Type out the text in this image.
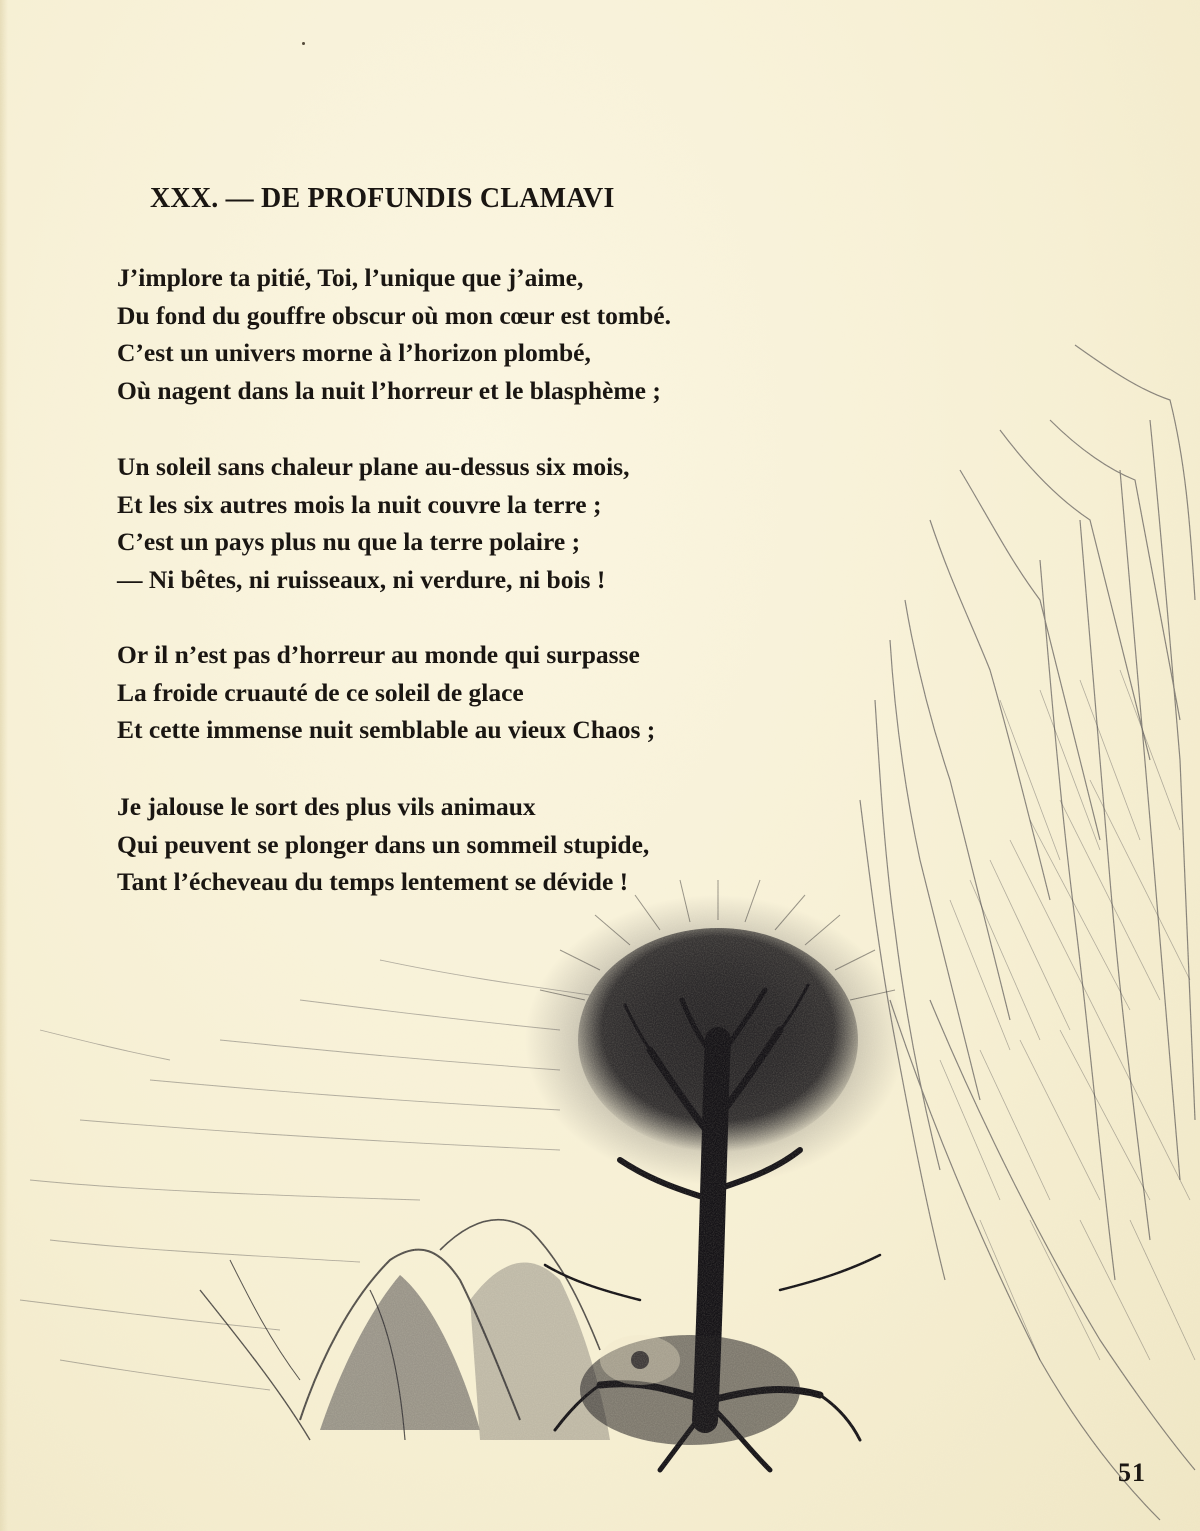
XXX. — DE PROFUNDIS CLAMAVI
J’implore ta pitié, Toi, l’unique que j’aime,
Du fond du gouffre obscur où mon cœur est tombé.
C’est un univers morne à l’horizon plombé,
Où nagent dans la nuit l’horreur et le blasphème ;
Un soleil sans chaleur plane au-dessus six mois,
Et les six autres mois la nuit couvre la terre ;
C’est un pays plus nu que la terre polaire ;
— Ni bêtes, ni ruisseaux, ni verdure, ni bois !
Or il n’est pas d’horreur au monde qui surpasse
La froide cruauté de ce soleil de glace
Et cette immense nuit semblable au vieux Chaos ;
Je jalouse le sort des plus vils animaux
Qui peuvent se plonger dans un sommeil stupide,
Tant l’écheveau du temps lentement se dévide !
51
